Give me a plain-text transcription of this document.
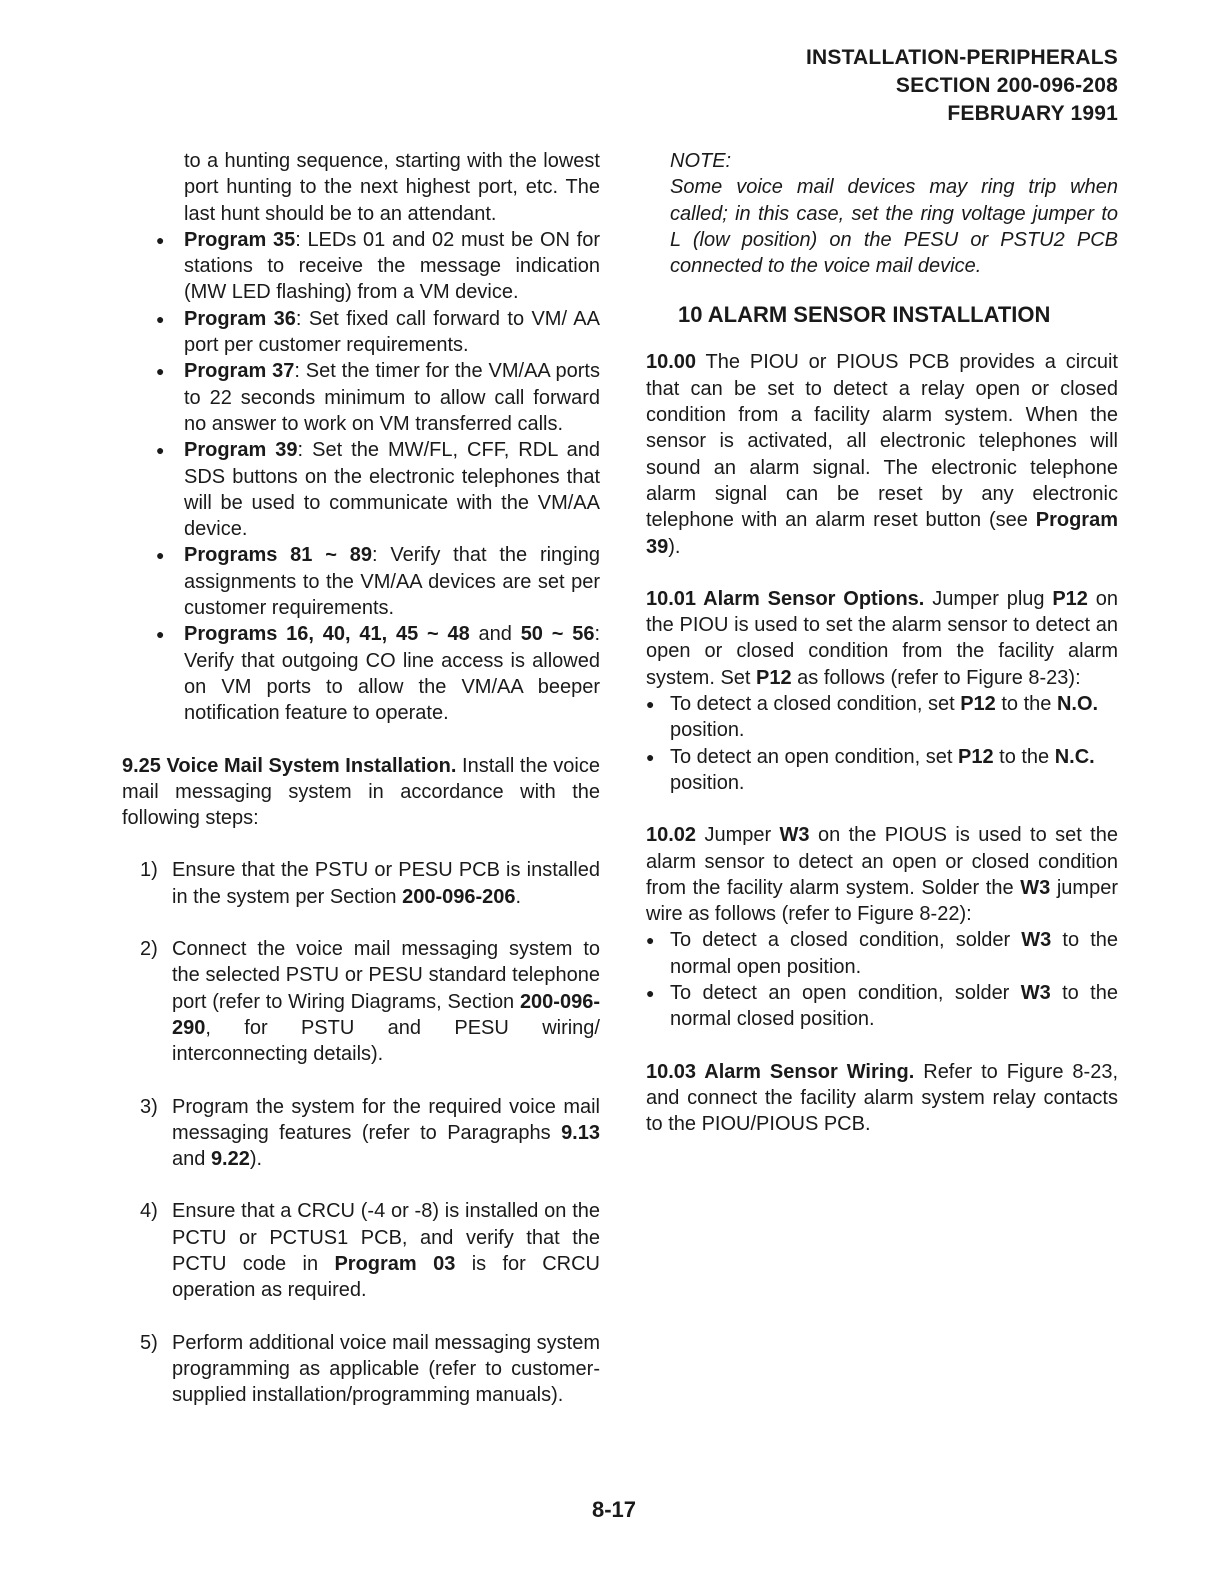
INSTALLATION-PERIPHERALS
SECTION 200-096-208
FEBRUARY 1991

to a hunting sequence, starting with the lowest port hunting to the next highest port, etc. The last hunt should be to an attendant.

● Program 35: LEDs 01 and 02 must be ON for stations to receive the message indication (MW LED flashing) from a VM device.

● Program 36: Set fixed call forward to VM/ AA port per customer requirements.

● Program 37: Set the timer for the VM/AA ports to 22 seconds minimum to allow call forward no answer to work on VM transferred calls.

● Program 39: Set the MW/FL, CFF, RDL and SDS buttons on the electronic telephones that will be used to communicate with the VM/AA device.

● Programs 81 ~ 89: Verify that the ringing assignments to the VM/AA devices are set per customer requirements.

● Programs 16, 40, 41, 45 ~ 48 and 50 ~ 56: Verify that outgoing CO line access is allowed on VM ports to allow the VM/AA beeper notification feature to operate.

9.25 Voice Mail System Installation. Install the voice mail messaging system in accordance with the following steps:

1) Ensure that the PSTU or PESU PCB is installed in the system per Section 200-096-206.

2) Connect the voice mail messaging system to the selected PSTU or PESU standard telephone port (refer to Wiring Diagrams, Section 200-096-290, for PSTU and PESU wiring/ interconnecting details).

3) Program the system for the required voice mail messaging features (refer to Paragraphs 9.13 and 9.22).

4) Ensure that a CRCU (-4 or -8) is installed on the PCTU or PCTUS1 PCB, and verify that the PCTU code in Program 03 is for CRCU operation as required.

5) Perform additional voice mail messaging system programming as applicable (refer to customer-supplied installation/programming manuals).

NOTE:

Some voice mail devices may ring trip when called; in this case, set the ring voltage jumper to L (low position) on the PESU or PSTU2 PCB connected to the voice mail device.

10 ALARM SENSOR INSTALLATION

10.00 The PIOU or PIOUS PCB provides a circuit that can be set to detect a relay open or closed condition from a facility alarm system. When the sensor is activated, all electronic telephones will sound an alarm signal. The electronic telephone alarm signal can be reset by any electronic telephone with an alarm reset button (see Program 39).

10.01 Alarm Sensor Options. Jumper plug P12 on the PIOU is used to set the alarm sensor to detect an open or closed condition from the facility alarm system. Set P12 as follows (refer to Figure 8-23):

● To detect a closed condition, set P12 to the N.O. position.

● To detect an open condition, set P12 to the N.C. position.

10.02 Jumper W3 on the PIOUS is used to set the alarm sensor to detect an open or closed condition from the facility alarm system. Solder the W3 jumper wire as follows (refer to Figure 8-22):

● To detect a closed condition, solder W3 to the normal open position.

● To detect an open condition, solder W3 to the normal closed position.

10.03 Alarm Sensor Wiring. Refer to Figure 8-23, and connect the facility alarm system relay contacts to the PIOU/PIOUS PCB.

8-17
